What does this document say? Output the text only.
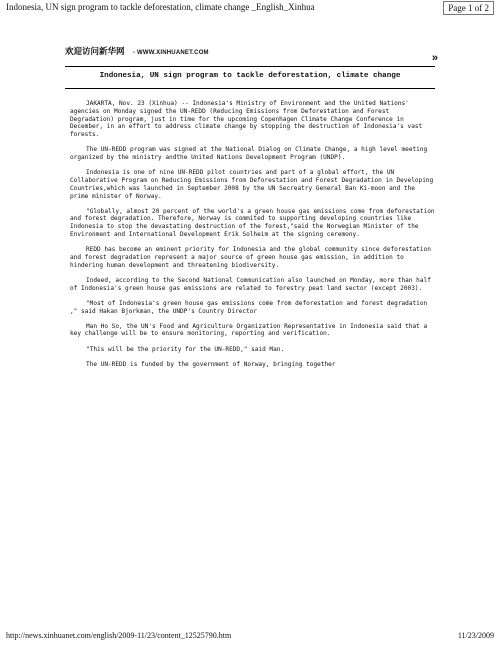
Indonesia, UN sign program to tackle deforestation, climate change _English_Xinhua	Page 1 of 2
欢迎访问新华网 - WWW.XINHUANET.COM	»
Indonesia, UN sign program to tackle deforestation, climate change

JAKARTA, Nov. 23 (Xinhua) -- Indonesia's Ministry of Environment and the United Nations' agencies on Monday signed the UN-REDD (Reducing Emissions from Deforestation and Forest Degradation) program, just in time for the upcoming Copenhagen Climate Change Conference in December, in an effort to address climate change by stopping the destruction of Indonesia's vast forests.

The UN-REDD program was signed at the National Dialog on Climate Change, a high level meeting organized by the ministry andthe United Nations Development Program (UNDP).

Indonesia is one of nine UN-REDD pilot countries and part of a global effort, the UN Collaborative Program on Reducing Emissions from Deforestation and Forest Degradation in Developing Countries,which was launched in September 2008 by the UN Secreatry General Ban Ki-moon and the prime minister of Norway.

"Globally, almost 20 percent of the world's a green house gas emissions come from deforestation and forest degradation. Therefore, Norway is commited to supporting developing countries like Indonesia to stop the devastating destruction of the forest,"said the Norwegian Minister of the Environment and International Development Erik Solheim at the signing ceremony.

REDD has become an eminent priority for Indonesia and the global community since deforestation and forest degradation represent a major source of green house gas emission, in addition to hindering human development and threatening biodiversity.

Indeed, according to the Second National Communication also launched on Monday, more than half of Indonesia's green house gas emissions are related to forestry peat land sector (except 2003).

"Most of Indonesia's green house gas emissions come from deforestation and forest degradation ," said Hakan Bjorkman, the UNDP's Country Director

Man Ho So, the UN's Food and Agriculture Organization Representative in Indonesia said that a key challenge will be to ensure monitoring, reporting and verification.

"This will be the priority for the UN-REDD," said Man.

The UN-REDD is funded by the government of Norway, bringing together

http://news.xinhuanet.com/english/2009-11/23/content_12525790.htm	11/23/2009
